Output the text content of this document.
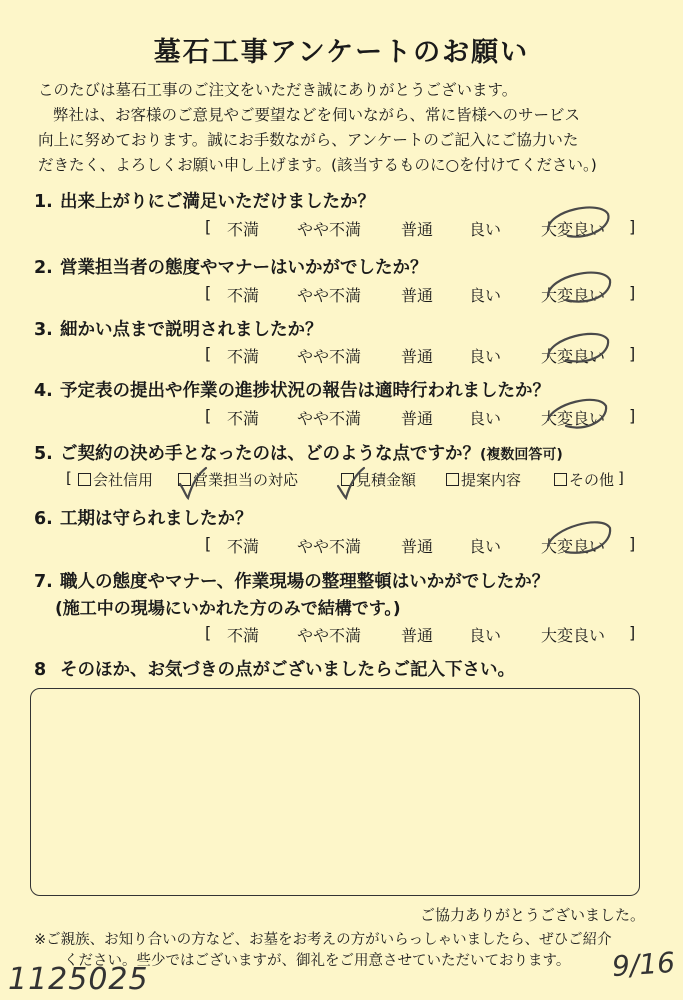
墓石工事アンケートのお願い

このたびは墓石工事のご注文をいただき誠にありがとうございます。

弊社は、お客様のご意見やご要望などを伺いながら、常に皆様へのサービス

向上に努めております。誠にお手数ながら、アンケートのご記入にご協力いた

だきたく、よろしくお願い申し上げます。(該当するものに○を付けてください。)

1. 出来上がりにご満足いただけましたか？
[ 不満 やや不満 普通 良い 大変良い ]
2. 営業担当者の態度やマナーはいかがでしたか？
[ 不満 やや不満 普通 良い 大変良い ]
3. 細かい点まで説明されましたか？
[ 不満 やや不満 普通 良い 大変良い ]
4. 予定表の提出や作業の進捗状況の報告は適時行われましたか？
[ 不満 やや不満 普通 良い 大変良い ]
5. ご契約の決め手となったのは、どのような点ですか？(複数回答可)
[	会社信用	営業担当の対応	見積金額	提案内容	その他 ]
6. 工期は守られましたか？
[ 不満 やや不満 普通 良い 大変良い ]
7. 職人の態度やマナー、作業現場の整理整頓はいかがでしたか？
(施工中の現場にいかれた方のみで結構です。)
[ 不満 やや不満 普通 良い 大変良い ]
8 そのほか、お気づきの点がございましたらご記入下さい。
ご協力ありがとうございました。

※ご親族、お知り合いの方など、お墓をお考えの方がいらっしゃいましたら、ぜひご紹介

ください。些少ではございますが、御礼をご用意させていただいております。

1125025	9/16
